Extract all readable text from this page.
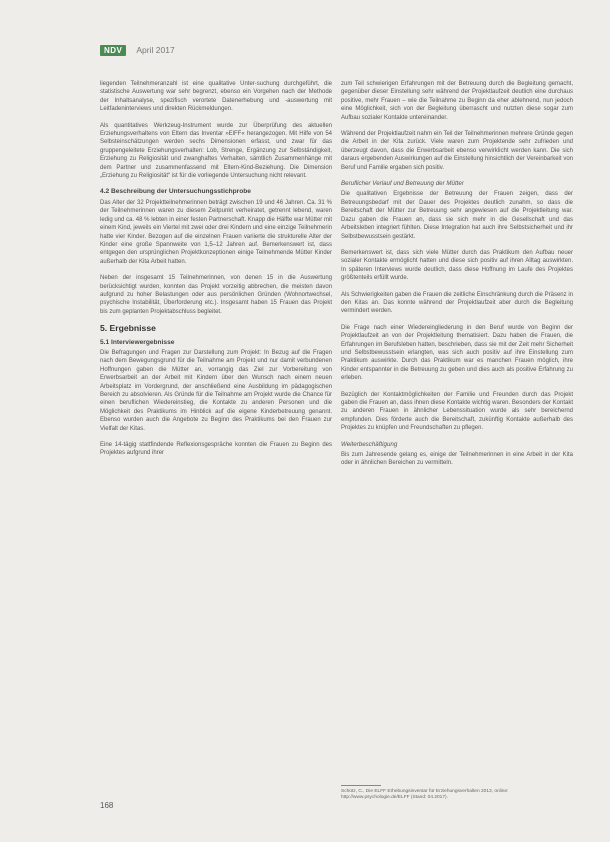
NDV	April 2017

liegenden Teilnehmeranzahl ist eine qualitative Unter-suchung durchgeführt, die statistische Auswertung war sehr begrenzt, ebenso ein Vorgehen nach der Methode der Inhaltsanalyse, spezifisch verortete Datenerhebung und -auswertung mit Leitfadeninterviews und direkten Rückmeldungen.

Als quantitatives Werkzeug-Instrument wurde zur Überprüfung des aktuellen Erziehungsverhaltens von Eltern das Inventar »ElFF« herangezogen. Mit Hilfe von 54 Selbsteinschätzungen werden sechs Dimensionen erfasst, und zwar für das gruppengeleitete Erziehungsverhalten: Lob, Strenge, Ergänzung zur Selbständigkeit, Erziehung zu Religiosität und zwanghaftes Verhalten, sämtlich Zusammenhänge mit dem Partner und zusammenfassend mit Eltern-Kind-Beziehung. Die Dimension „Erziehung zu Religiosität“ ist für die vorliegende Untersuchung nicht relevant.

4.2 Beschreibung der Untersuchungsstichprobe

Das Alter der 32 Projektteilnehmerinnen beträgt zwischen 19 und 46 Jahren. Ca. 31 % der Teilnehmerinnen waren zu diesem Zeitpunkt verheiratet, getrennt lebend, waren ledig und ca. 48 % lebten in einer festen Partnerschaft. Knapp die Hälfte war Mütter mit einem Kind, jeweils ein Viertel mit zwei oder drei Kindern und eine einzige Teilnehmerin hatte vier Kinder. Bezogen auf die einzelnen Frauen variierte die strukturelle Alter der Kinder eine große Spannweite von 1,5–12 Jahren auf. Bemerkenswert ist, dass entgegen den ursprünglichen Projektkonzeptionen einige Teilnehmende Mütter Kinder außerhalb der Kita Arbeit hatten.

Neben der insgesamt 15 Teilnehmerinnen, von denen 15 in die Auswertung berücksichtigt wurden, konnten das Projekt vorzeitig abbrechen, die meisten davon aufgrund zu hoher Belastungen oder aus persönlichen Gründen (Wohnortwechsel, psychische Instabilität, Überforderung etc.). Insgesamt haben 15 Frauen das Projekt bis zum geplanten Projektabschluss begleitet.

5. Ergebnisse
5.1 Interviewergebnisse

Die Befragungen und Fragen zur Darstellung zum Projekt: In Bezug auf die Fragen nach dem Bewegungsgrund für die Teilnahme am Projekt und nur damit verbundenen Hoffnungen gaben die Mütter an, vorrangig das Ziel zur Vorbereitung von Erwerbsarbeit an der Arbeit mit Kindern über den Wunsch nach einem neuen Arbeitsplatz im Vordergrund, der anschließend eine Ausbildung im pädagogischen Bereich zu absolvieren. Als Gründe für die Teilnahme am Projekt wurde die Chance für einen beruflichen Wiedereinstieg, die Kontakte zu anderen Personen und die Möglichkeit des Praktikums im Hinblick auf die eigene Kinderbetreuung genannt. Ebenso wurden auch die Angebote zu Beginn des Praktikums bei den Frauen zur Vielfalt der Kitas.

Eine 14-tägig stattfindende Reflexionsgespräche konnten die Frauen zu Beginn des Projektes aufgrund ihrer

zum Teil schwierigen Erfahrungen mit der Betreuung durch die Begleitung gemacht, gegenüber dieser Einstellung sehr während der Projektlaufzeit deutlich eine durchaus positive, mehr Frauen – wie die Teilnahme zu Beginn da eher ablehnend, nun jedoch eine Möglichkeit, sich von der Begleitung überrascht und nutzten diese sogar zum Aufbau sozialer Kontakte untereinander.

Während der Projektlaufzeit nahm ein Teil der Teilnehmerinnen mehrere Gründe gegen die Arbeit in der Kita zurück. Viele waren zum Projektende sehr zufrieden und überzeugt davon, dass die Erwerbsarbeit ebenso verwirklicht werden kann. Die sich daraus ergebenden Auswirkungen auf die Einstellung hinsichtlich der Vereinbarkeit von Beruf und Familie ergaben sich positiv.

Beruflicher Verlauf und Betreuung der Mütter

Die qualitativen Ergebnisse der Betreuung der Frauen zeigen, dass der Betreuungsbedarf mit der Dauer des Projektes deutlich zunahm, so dass die Bereitschaft der Mütter zur Betreuung sehr angewiesen auf die Projektleitung war. Dazu gaben die Frauen an, dass sie sich mehr in die Gesellschaft und das Arbeitsleben integriert fühlten. Diese Integration hat auch ihre Selbstsicherheit und ihr Selbstbewusstsein gestärkt.

Bemerkenswert ist, dass sich viele Mütter durch das Praktikum den Aufbau neuer sozialer Kontakte ermöglicht hatten und diese sich positiv auf ihren Alltag auswirkten. In späteren Interviews wurde deutlich, dass diese Hoffnung im Laufe des Projektes größtenteils erfüllt wurde.

Als Schwierigkeiten gaben die Frauen die zeitliche Einschränkung durch die Präsenz in den Kitas an. Das konnte während der Projektlaufzeit aber durch die Begleitung vermindert werden.

Die Frage nach einer Wiedereingliederung in den Beruf wurde von Beginn der Projektlaufzeit an von der Projektleitung thematisiert. Dazu haben die Frauen, die Erfahrungen im Berufsleben hatten, beschrieben, dass sie mit der Zeit mehr Sicherheit und Selbstbewusstsein erlangten, was sich auch positiv auf ihre Einstellung zum Praktikum auswirkte. Durch das Praktikum war es manchen Frauen möglich, ihre Kinder entspannter in die Betreuung zu geben und dies auch als positive Erfahrung zu erleben.

Bezüglich der Kontaktmöglichkeiten der Familie und Freunden durch das Projekt gaben die Frauen an, dass ihnen diese Kontakte wichtig waren. Besonders der Kontakt zu anderen Frauen in ähnlicher Lebenssituation wurde als sehr bereichernd empfunden. Dies förderte auch die Bereitschaft, zukünftig Kontakte außerhalb des Projektes zu knüpfen und Freundschaften zu pflegen.

Weiterbeschäftigung

Bis zum Jahresende gelang es, einige der Teilnehmerinnen in eine Arbeit in der Kita oder in ähnlichen Bereichen zu vermitteln.

Schütz, C., Die ELFF Erhebungsinventar für Erziehungsverhalten 2013, online: http://www.psychologie.de/ELFF (Stand: 04.2017).
168
